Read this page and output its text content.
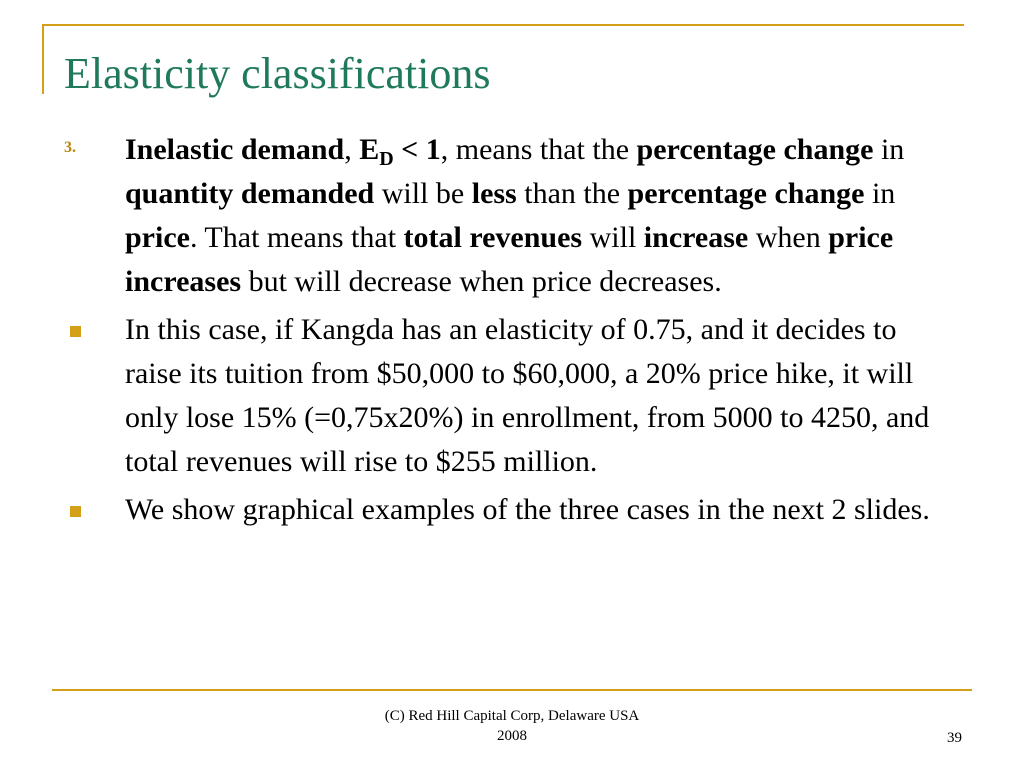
Elasticity classifications
3. Inelastic demand, $E_D < 1$, means that the percentage change in quantity demanded will be less than the percentage change in price. That means that total revenues will increase when price increases but will decrease when price decreases.
In this case, if Kangda has an elasticity of 0.75, and it decides to raise its tuition from $50,000 to $60,000, a 20% price hike, it will only lose 15% (=0,75x20%) in enrollment, from 5000 to 4250, and total revenues will rise to $255 million.
We show graphical examples of the three cases in the next 2 slides.
(C) Red Hill Capital Corp, Delaware USA
2008	39
